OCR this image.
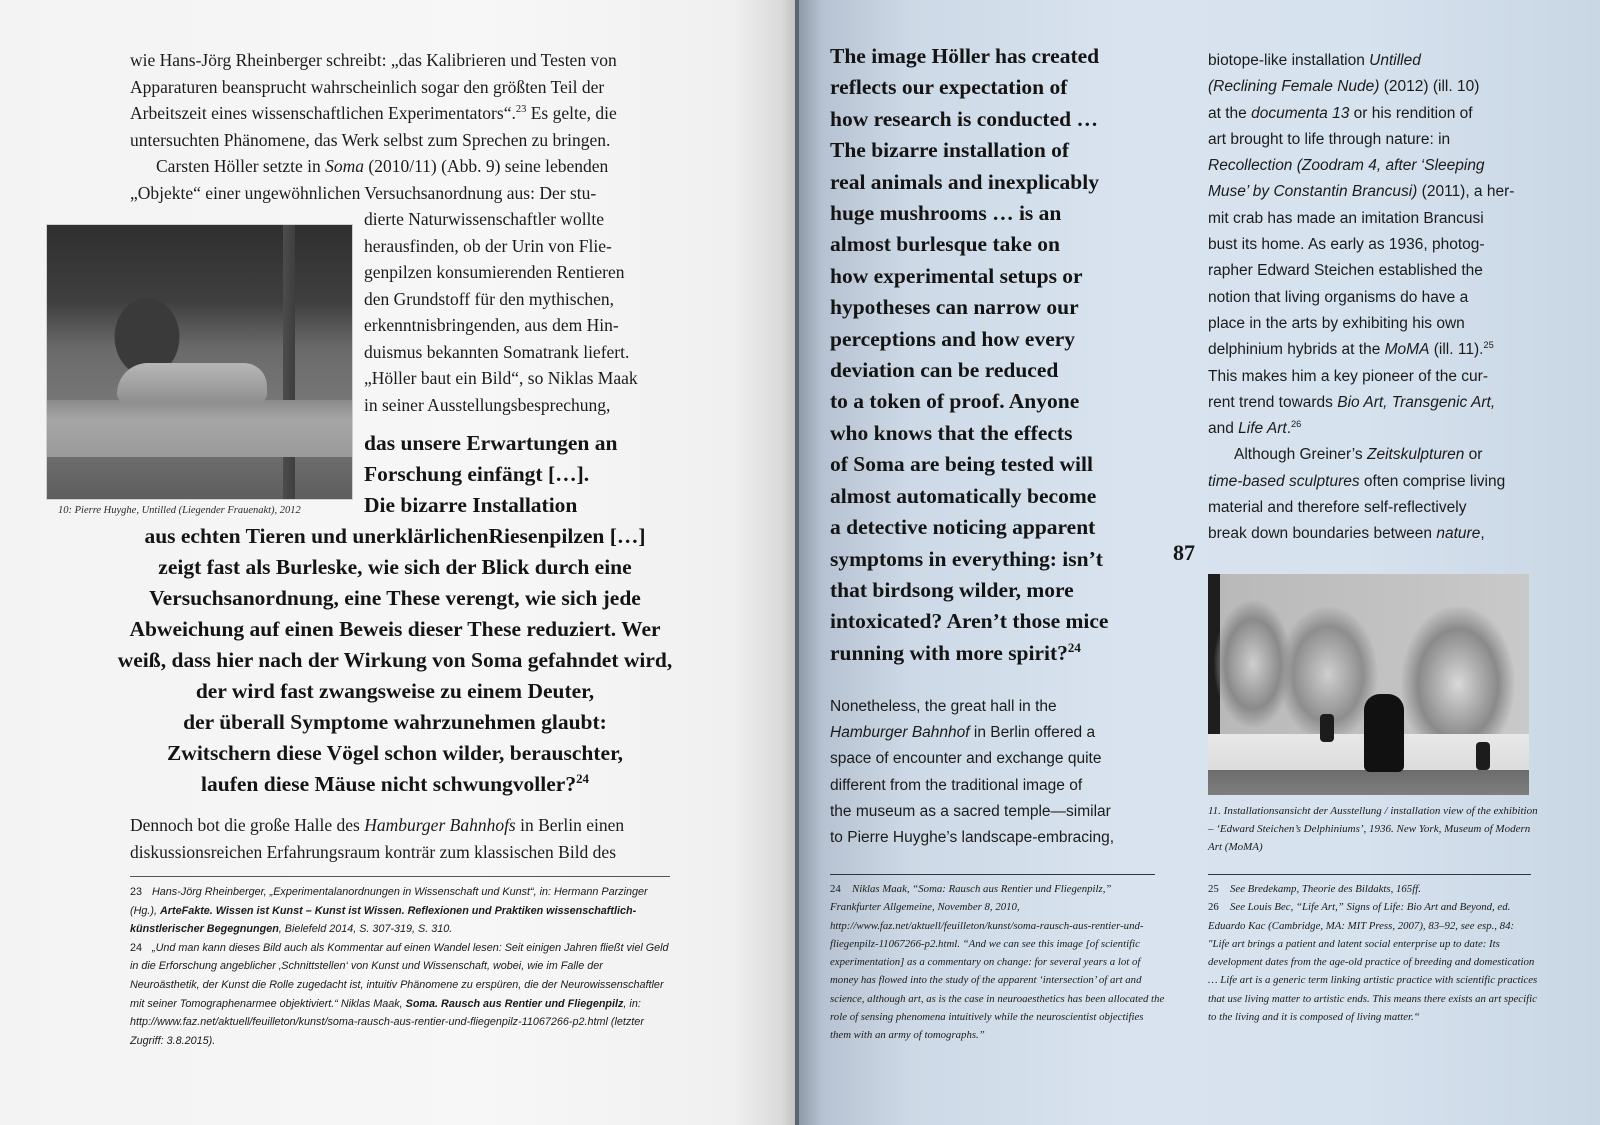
wie Hans-Jörg Rheinberger schreibt: „das Kalibrieren und Testen von
Apparaturen beansprucht wahrscheinlich sogar den größten Teil der
Arbeitszeit eines wissenschaftlichen Experimentators“.$^{23}$ Es gelte, die
untersuchten Phänomene, das Werk selbst zum Sprechen zu bringen.
Carsten Höller setzte in Soma (2010/11) (Abb. 9) seine lebenden
„Objekte“ einer ungewöhnlichen Versuchsanordnung aus: Der stu-
10: Pierre Huyghe, Untilled (Liegender Frauenakt), 2012
dierte Naturwissenschaftler wollte
herausfinden, ob der Urin von Flie-
genpilzen konsumierenden Rentieren
den Grundstoff für den mythischen,
erkenntnisbringenden, aus dem Hin-
duismus bekannten Somatrank liefert.
„Höller baut ein Bild“, so Niklas Maak
in seiner Ausstellungsbesprechung,
das unsere Erwartungen an
Forschung einfängt […].
Die bizarre Installation
aus echten Tieren und unerklärlichenRiesenpilzen […]
zeigt fast als Burleske, wie sich der Blick durch eine
Versuchsanordnung, eine These verengt, wie sich jede
Abweichung auf einen Beweis dieser These reduziert. Wer
weiß, dass hier nach der Wirkung von Soma gefahndet wird,
der wird fast zwangsweise zu einem Deuter,
der überall Symptome wahrzunehmen glaubt:
Zwitschern diese Vögel schon wilder, berauschter,
laufen diese Mäuse nicht schwungvoller?$^{24}$
Dennoch bot die große Halle des Hamburger Bahnhofs in Berlin einen
diskussionsreichen Erfahrungsraum konträr zum klassischen Bild des
23 Hans-Jörg Rheinberger, „Experimentalanordnungen in Wissenschaft und Kunst“, in: Hermann Parzinger (Hg.), ArteFakte. Wissen ist Kunst – Kunst ist Wissen. Reflexionen und Praktiken wissenschaftlich-künstlerischer Begegnungen, Bielefeld 2014, S. 307-319, S. 310.
24 „Und man kann dieses Bild auch als Kommentar auf einen Wandel lesen: Seit einigen Jahren fließt viel Geld in die Erforschung angeblicher ‚Schnittstellen‘ von Kunst und Wissenschaft, wobei, wie im Falle der Neuroästhetik, der Kunst die Rolle zugedacht ist, intuitiv Phänomene zu erspüren, die der Neurowissenschaftler mit seiner Tomographenarmee objektiviert.“ Niklas Maak, Soma. Rausch aus Rentier und Fliegenpilz, in: http://www.faz.net/aktuell/feuilleton/kunst/soma-rausch-aus-rentier-und-fliegenpilz-11067266-p2.html (letzter Zugriff: 3.8.2015).
The image Höller has created
reflects our expectation of
how research is conducted …
The bizarre installation of
real animals and inexplicably
huge mushrooms … is an
almost burlesque take on
how experimental setups or
hypotheses can narrow our
perceptions and how every
deviation can be reduced
to a token of proof. Anyone
who knows that the effects
of Soma are being tested will
almost automatically become
a detective noticing apparent
symptoms in everything: isn’t
that birdsong wilder, more
intoxicated? Aren’t those mice
running with more spirit?$^{24}$
87
Nonetheless, the great hall in the
Hamburger Bahnhof in Berlin offered a
space of encounter and exchange quite
different from the traditional image of
the museum as a sacred temple—similar
to Pierre Huyghe’s landscape-embracing,
biotope-like installation Untilled
(Reclining Female Nude) (2012) (ill. 10)
at the documenta 13 or his rendition of
art brought to life through nature: in
Recollection (Zoodram 4, after ‘Sleeping
Muse’ by Constantin Brancusi) (2011), a her-
mit crab has made an imitation Brancusi
bust its home. As early as 1936, photog-
rapher Edward Steichen established the
notion that living organisms do have a
place in the arts by exhibiting his own
delphinium hybrids at the MoMA (ill. 11).$^{25}$
This makes him a key pioneer of the cur-
rent trend towards Bio Art, Transgenic Art,
and Life Art.$^{26}$
Although Greiner’s Zeitskulpturen or
time-based sculptures often comprise living
material and therefore self-reflectively
break down boundaries between nature,
11. Installationsansicht der Ausstellung / installation view of the exhibition – ‘Edward Steichen’s Delphiniums’, 1936. New York, Museum of Modern Art (MoMA)
24 Niklas Maak, “Soma: Rausch aus Rentier und Fliegenpilz,” Frankfurter Allgemeine, November 8, 2010, http://www.faz.net/aktuell/feuilleton/kunst/soma-rausch-aus-rentier-und-fliegenpilz-11067266-p2.html. “And we can see this image [of scientific experimentation] as a commentary on change: for several years a lot of money has flowed into the study of the apparent ‘intersection’ of art and science, although art, as is the case in neuroaesthetics has been allocated the role of sensing phenomena intuitively while the neuroscientist objectifies them with an army of tomographs.”
25 See Bredekamp, Theorie des Bildakts, 165ff.
26 See Louis Bec, “Life Art,” Signs of Life: Bio Art and Beyond, ed. Eduardo Kac (Cambridge, MA: MIT Press, 2007), 83–92, see esp., 84: "Life art brings a patient and latent social enterprise up to date: Its development dates from the age-old practice of breeding and domestication … Life art is a generic term linking artistic practice with scientific practices that use living matter to artistic ends. This means there exists an art specific to the living and it is composed of living matter.“
